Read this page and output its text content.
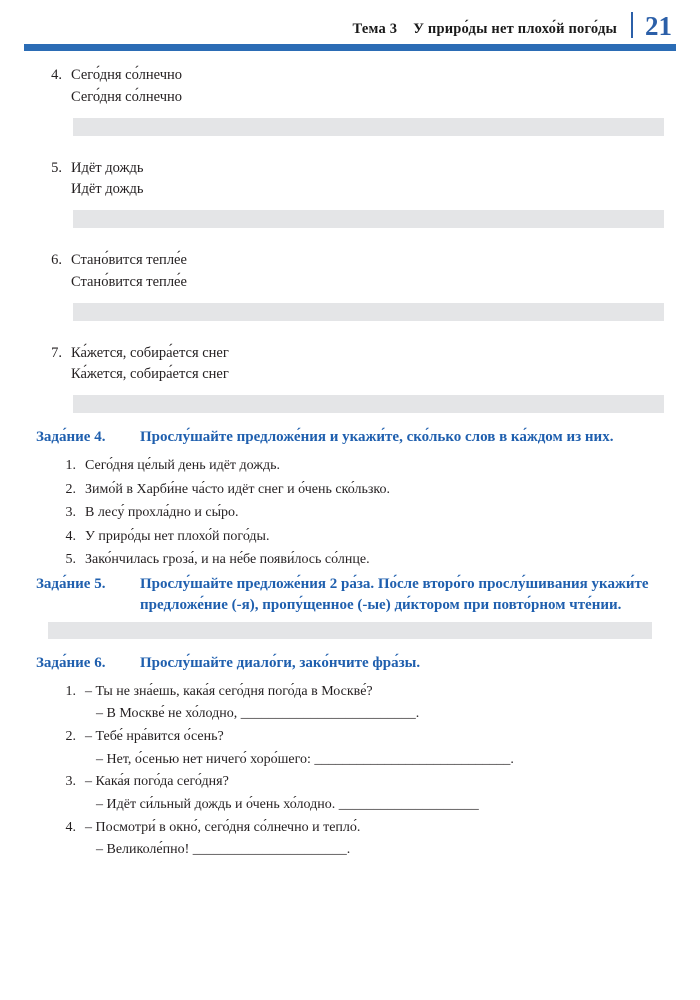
Тема 3 У приро́ды нет плохо́й пого́ды 21
4. Сего́дня со́лнечно
Сего́дня со́лнечно
5. Идёт дождь
Идёт дождь
6. Стано́вится тепле́е
Стано́вится тепле́е
7. Ка́жется, собира́ется снег
Ка́жется, собира́ется снег
Зада́ние 4.	Прослу́шайте предложе́ния и укажи́те, ско́лько слов в ка́ждом из них.
1. Сего́дня це́лый день идёт дождь.
2. Зимо́й в Харби́не ча́сто идёт снег и о́чень ско́льзко.
3. В лесу́ прохла́дно и сы́ро.
4. У приро́ды нет плохо́й пого́ды.
5. Зако́нчилась гроза́, и на не́бе появи́лось со́лнце.
Зада́ние 5.	Прослу́шайте предложе́ния 2 ра́за. По́сле второ́го прослу́шивания укажи́те предложе́ние (-я), пропу́щенное (-ые) ди́ктором при повто́рном чте́нии.
Зада́ние 6.	Прослу́шайте диало́ги, зако́нчите фра́зы.
1. – Ты не зна́ешь, кака́я сего́дня пого́да в Москве́?
– В Москве́ не хо́лодно, _________________________.
2. – Тебе́ нра́вится о́сень?
– Нет, о́сенью нет ничего́ хоро́шего: ____________________________.
3. – Кака́я пого́да сего́дня?
– Идёт си́льный дождь и о́чень хо́лодно. ____________________
4. – Посмотри́ в окно́, сего́дня со́лнечно и тепло́.
– Великоле́пно! ______________________.
